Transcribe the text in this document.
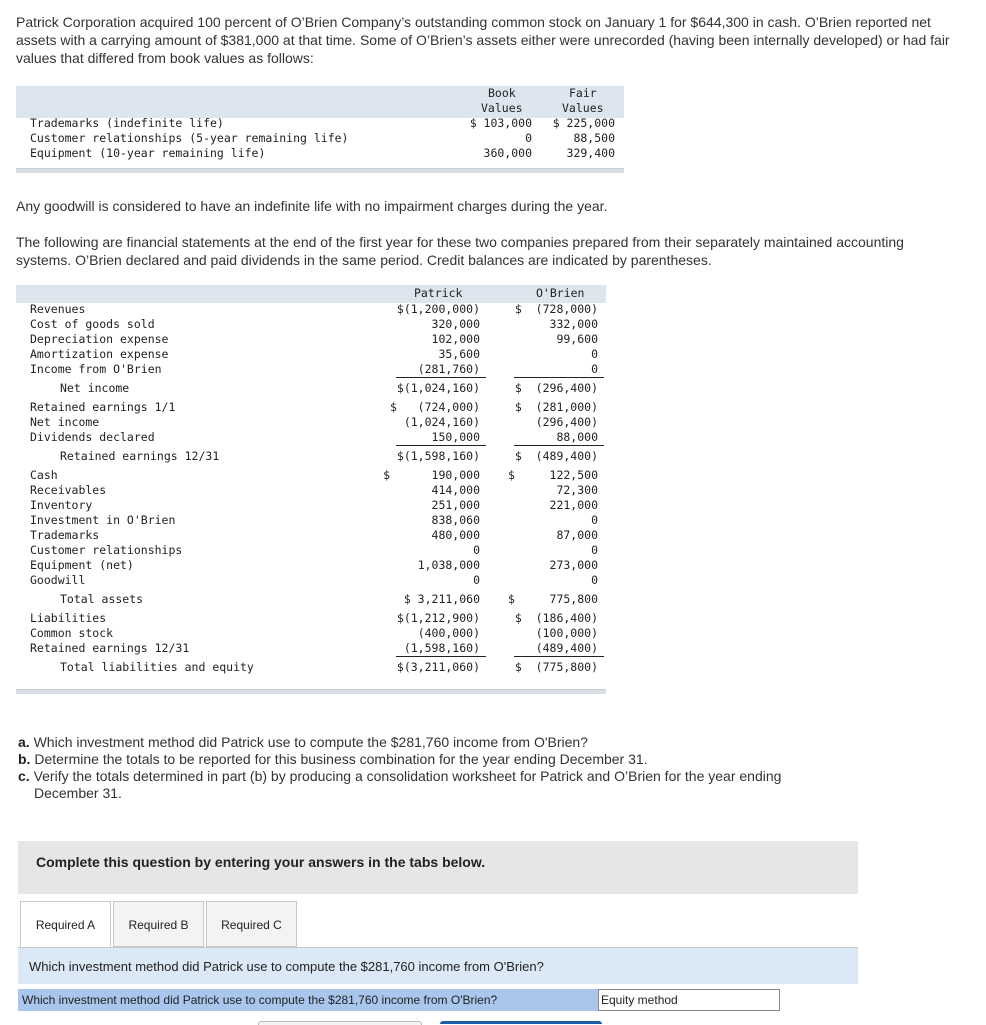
Patrick Corporation acquired 100 percent of O’Brien Company’s outstanding common stock on January 1 for $644,300 in cash. O’Brien reported net assets with a carrying amount of $381,000 at that time. Some of O’Brien’s assets either were unrecorded (having been internally developed) or had fair values that differed from book values as follows:
Book	Fair
Values	Values
Trademarks (indefinite life)	$ 103,000 $ 225,000
Customer relationships (5-year remaining life)	0	88,500
Equipment (10-year remaining life)	360,000	329,400
Any goodwill is considered to have an indefinite life with no impairment charges during the year.
The following are financial statements at the end of the first year for these two companies prepared from their separately maintained accounting systems. O’Brien declared and paid dividends in the same period. Credit balances are indicated by parentheses.
Patrick	O'Brien
Revenues	$(1,200,000)	$  (728,000)
Cost of goods sold	320,000	332,000
Depreciation expense	102,000	99,600
Amortization expense	35,600	0
Income from O'Brien	(281,760)	0
Net income	$(1,024,160)	$  (296,400)
Retained earnings 1/1	$   (724,000)	$  (281,000)
Net income	(1,024,160)	(296,400)
Dividends declared	150,000	88,000
Retained earnings 12/31	$(1,598,160)	$  (489,400)
Cash	$      190,000 $     122,500
Receivables	414,000	72,300
Inventory	251,000	221,000
Investment in O'Brien	838,060	0
Trademarks	480,000	87,000
Customer relationships	0	0
Equipment (net)	1,038,000	273,000
Goodwill	0	0
Total assets	$ 3,211,060 $     775,800
Liabilities	$(1,212,900)	$  (186,400)
Common stock	(400,000)	(100,000)
Retained earnings 12/31	(1,598,160)	(489,400)
Total liabilities and equity	$(3,211,060)	$  (775,800)
a. Which investment method did Patrick use to compute the $281,760 income from O'Brien?
b. Determine the totals to be reported for this business combination for the year ending December 31.
c. Verify the totals determined in part (b) by producing a consolidation worksheet for Patrick and O’Brien for the year ending
December 31.
Complete this question by entering your answers in the tabs below.
Required A	Required B	Required C
Which investment method did Patrick use to compute the $281,760 income from O'Brien?
Which investment method did Patrick use to compute the $281,760 income from O'Brien?	Equity method
